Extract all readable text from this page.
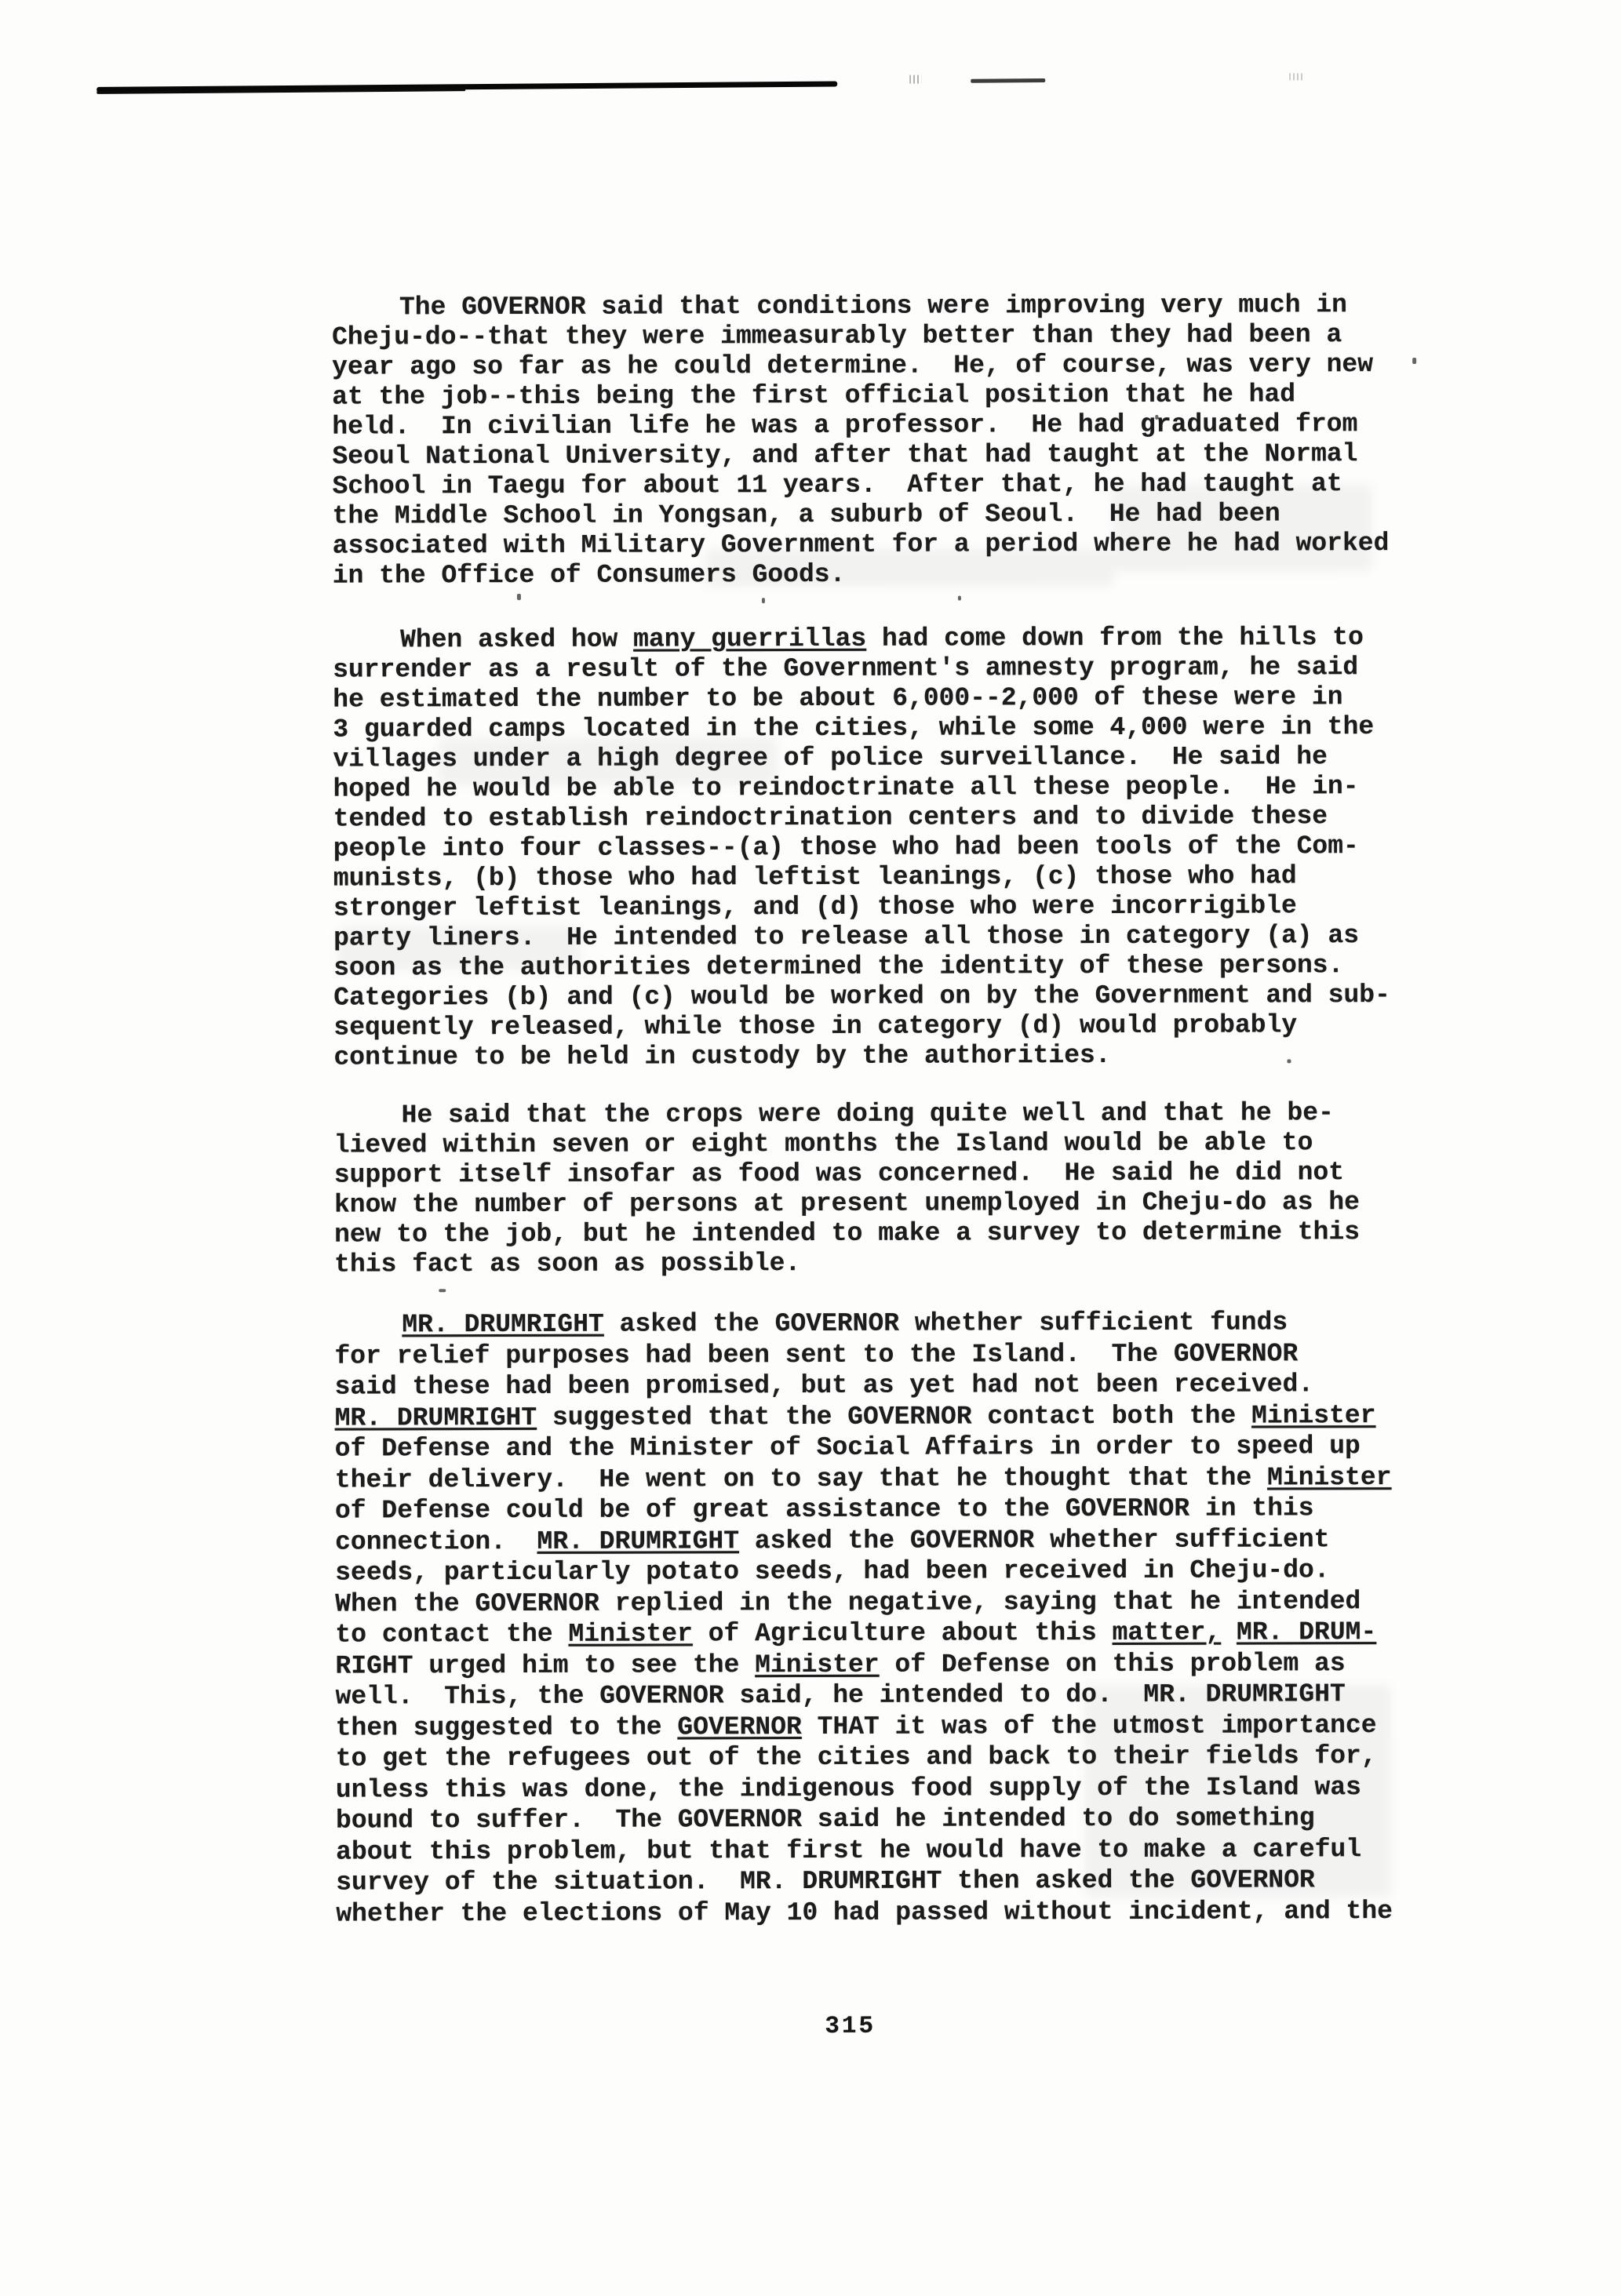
The GOVERNOR said that conditions were improving very much in
Cheju-do--that they were immeasurably better than they had been a
year ago so far as he could determine.  He, of course, was very new
at the job--this being the first official position that he had
held.  In civilian life he was a professor.  He had graduated from
Seoul National University, and after that had taught at the Normal
School in Taegu for about 11 years.  After that, he had taught at
the Middle School in Yongsan, a suburb of Seoul.  He had been
associated with Military Government for a period where he had worked
in the Office of Consumers Goods.
When asked how many guerrillas had come down from the hills to
surrender as a result of the Government's amnesty program, he said
he estimated the number to be about 6,000--2,000 of these were in
3 guarded camps located in the cities, while some 4,000 were in the
villages under a high degree of police surveillance.  He said he
hoped he would be able to reindoctrinate all these people.  He in-
tended to establish reindoctrination centers and to divide these
people into four classes--(a) those who had been tools of the Com-
munists, (b) those who had leftist leanings, (c) those who had
stronger leftist leanings, and (d) those who were incorrigible
party liners.  He intended to release all those in category (a) as
soon as the authorities determined the identity of these persons.
Categories (b) and (c) would be worked on by the Government and sub-
sequently released, while those in category (d) would probably
continue to be held in custody by the authorities.
He said that the crops were doing quite well and that he be-
lieved within seven or eight months the Island would be able to
support itself insofar as food was concerned.  He said he did not
know the number of persons at present unemployed in Cheju-do as he
new to the job, but he intended to make a survey to determine this
this fact as soon as possible.
MR. DRUMRIGHT asked the GOVERNOR whether sufficient funds
for relief purposes had been sent to the Island.  The GOVERNOR
said these had been promised, but as yet had not been received.
MR. DRUMRIGHT suggested that the GOVERNOR contact both the Minister
of Defense and the Minister of Social Affairs in order to speed up
their delivery.  He went on to say that he thought that the Minister
of Defense could be of great assistance to the GOVERNOR in this
connection.  MR. DRUMRIGHT asked the GOVERNOR whether sufficient
seeds, particularly potato seeds, had been received in Cheju-do.
When the GOVERNOR replied in the negative, saying that he intended
to contact the Minister of Agriculture about this matter, MR. DRUM-
RIGHT urged him to see the Minister of Defense on this problem as
well.  This, the GOVERNOR said, he intended to do.  MR. DRUMRIGHT
then suggested to the GOVERNOR THAT it was of the utmost importance
to get the refugees out of the cities and back to their fields for,
unless this was done, the indigenous food supply of the Island was
bound to suffer.  The GOVERNOR said he intended to do something
about this problem, but that first he would have to make a careful
survey of the situation.  MR. DRUMRIGHT then asked the GOVERNOR
whether the elections of May 10 had passed without incident, and the
315
